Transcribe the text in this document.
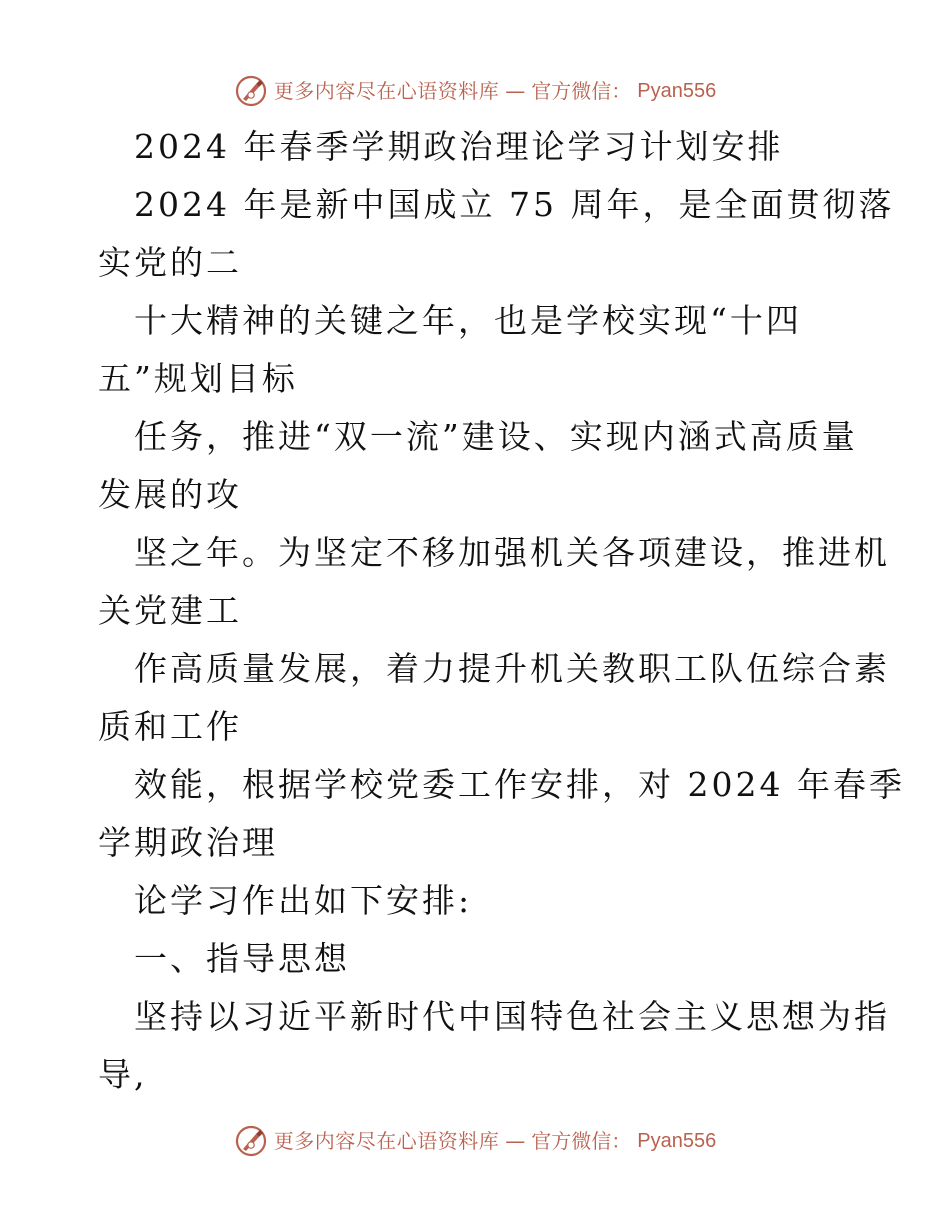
更多内容尽在心语资料库 — 官方微信： Pyan556

2024 年春季学期政治理论学习计划安排

2024 年是新中国成立 75 周年，是全面贯彻落

实党的二

十大精神的关键之年，也是学校实现“十四

五”规划目标

任务，推进“双一流”建设、实现内涵式高质量

发展的攻

坚之年。为坚定不移加强机关各项建设，推进机

关党建工

作高质量发展，着力提升机关教职工队伍综合素

质和工作

效能，根据学校党委工作安排，对 2024 年春季

学期政治理

论学习作出如下安排:

一、指导思想

坚持以习近平新时代中国特色社会主义思想为指

导,

更多内容尽在心语资料库 — 官方微信： Pyan556
